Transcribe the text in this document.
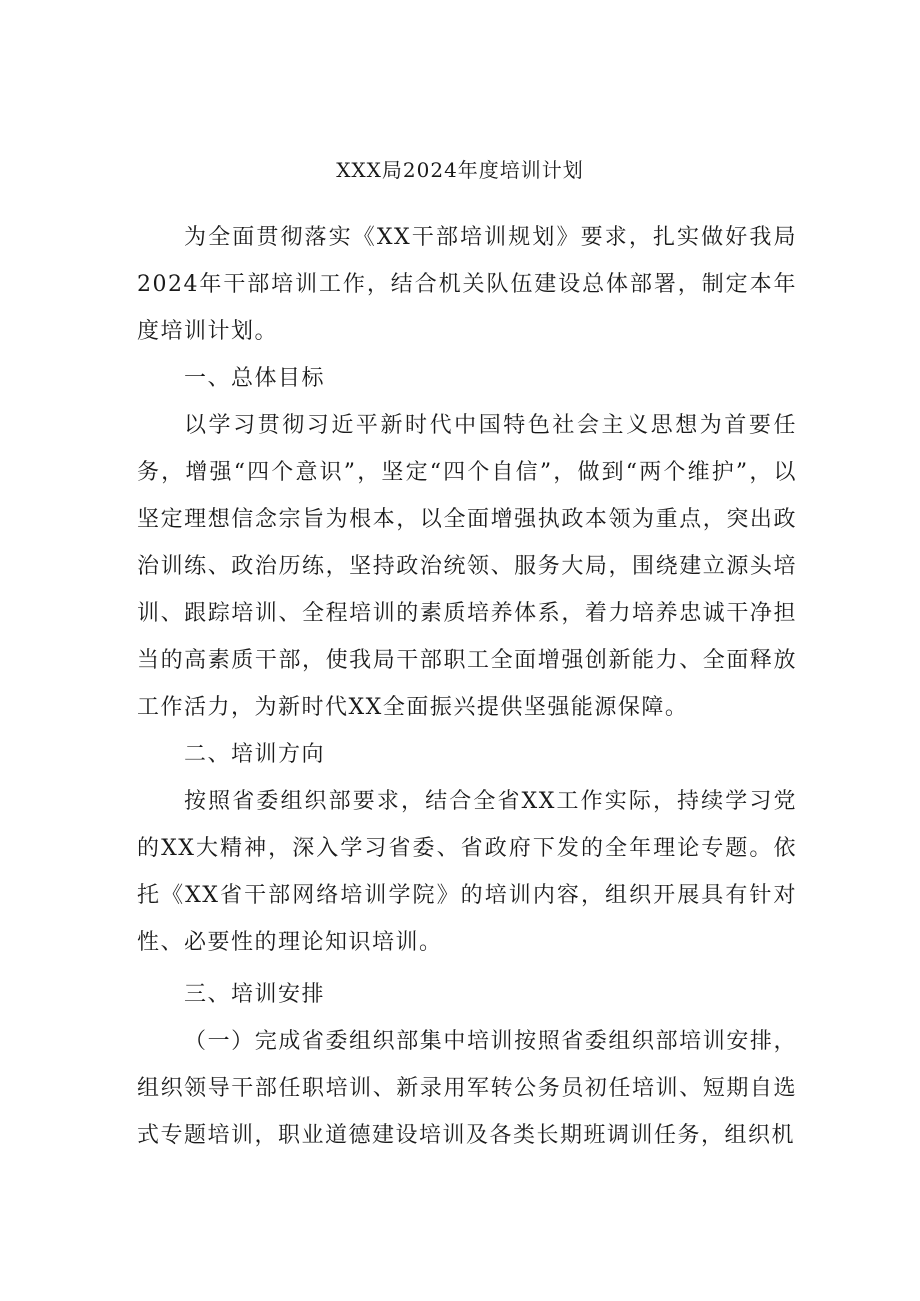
XXX局2024年度培训计划

为全面贯彻落实《XX干部培训规划》要求，扎实做好我局2024年干部培训工作，结合机关队伍建设总体部署，制定本年度培训计划。

一、总体目标

以学习贯彻习近平新时代中国特色社会主义思想为首要任务，增强“四个意识”，坚定“四个自信”，做到“两个维护”，以坚定理想信念宗旨为根本，以全面增强执政本领为重点，突出政治训练、政治历练，坚持政治统领、服务大局，围绕建立源头培训、跟踪培训、全程培训的素质培养体系，着力培养忠诚干净担当的高素质干部，使我局干部职工全面增强创新能力、全面释放工作活力，为新时代XX全面振兴提供坚强能源保障。

二、培训方向

按照省委组织部要求，结合全省XX工作实际，持续学习党的XX大精神，深入学习省委、省政府下发的全年理论专题。依托《XX省干部网络培训学院》的培训内容，组织开展具有针对性、必要性的理论知识培训。

三、培训安排

（一）完成省委组织部集中培训按照省委组织部培训安排，组织领导干部任职培训、新录用军转公务员初任培训、短期自选式专题培训，职业道德建设培训及各类长期班调训任务，组织机
